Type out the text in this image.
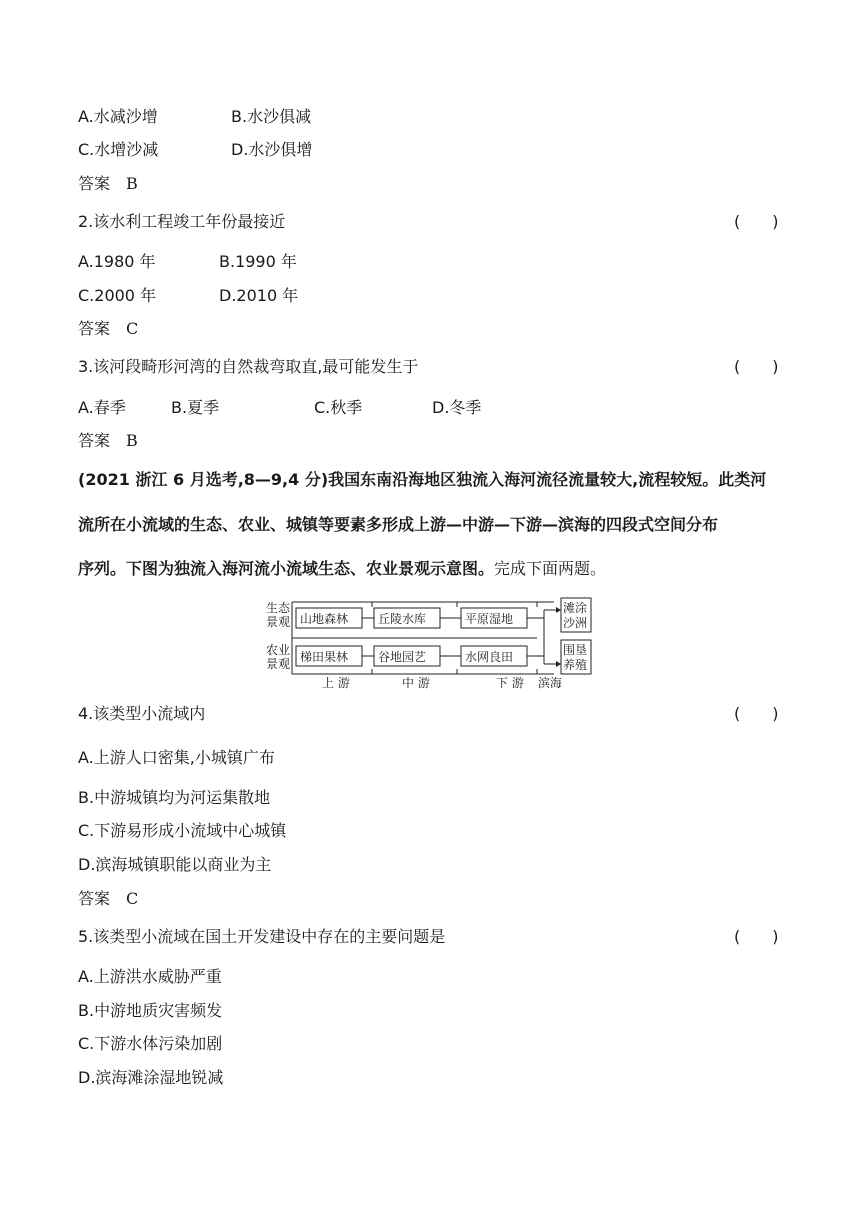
A.水减沙增	B.水沙俱减
C.水增沙减	D.水沙俱增
答案 B
2.该水利工程竣工年份最接近	(　　)
A.1980 年	B.1990 年
C.2000 年	D.2010 年
答案 C
3.该河段畸形河湾的自然裁弯取直,最可能发生于	(　　)
A.春季	B.夏季	C.秋季	D.冬季
答案 B
(2021 浙江 6 月选考,8—9,4 分)我国东南沿海地区独流入海河流径流量较大,流程较短。此类河
流所在小流域的生态、农业、城镇等要素多形成上游—中游—下游—滨海的四段式空间分布
序列。下图为独流入海河流小流域生态、农业景观示意图。完成下面两题。
生态
景观
农业
景观
山地森林 丘陵水库	平原湿地
梯田果林 谷地园艺	水网良田
滩涂
沙洲
围垦
养殖
上 游	中 游	下 游 滨海
4.该类型小流域内	(　　)
A.上游人口密集,小城镇广布
B.中游城镇均为河运集散地
C.下游易形成小流域中心城镇
D.滨海城镇职能以商业为主
答案 C
5.该类型小流域在国土开发建设中存在的主要问题是	(　　)
A.上游洪水威胁严重
B.中游地质灾害频发
C.下游水体污染加剧
D.滨海滩涂湿地锐减
